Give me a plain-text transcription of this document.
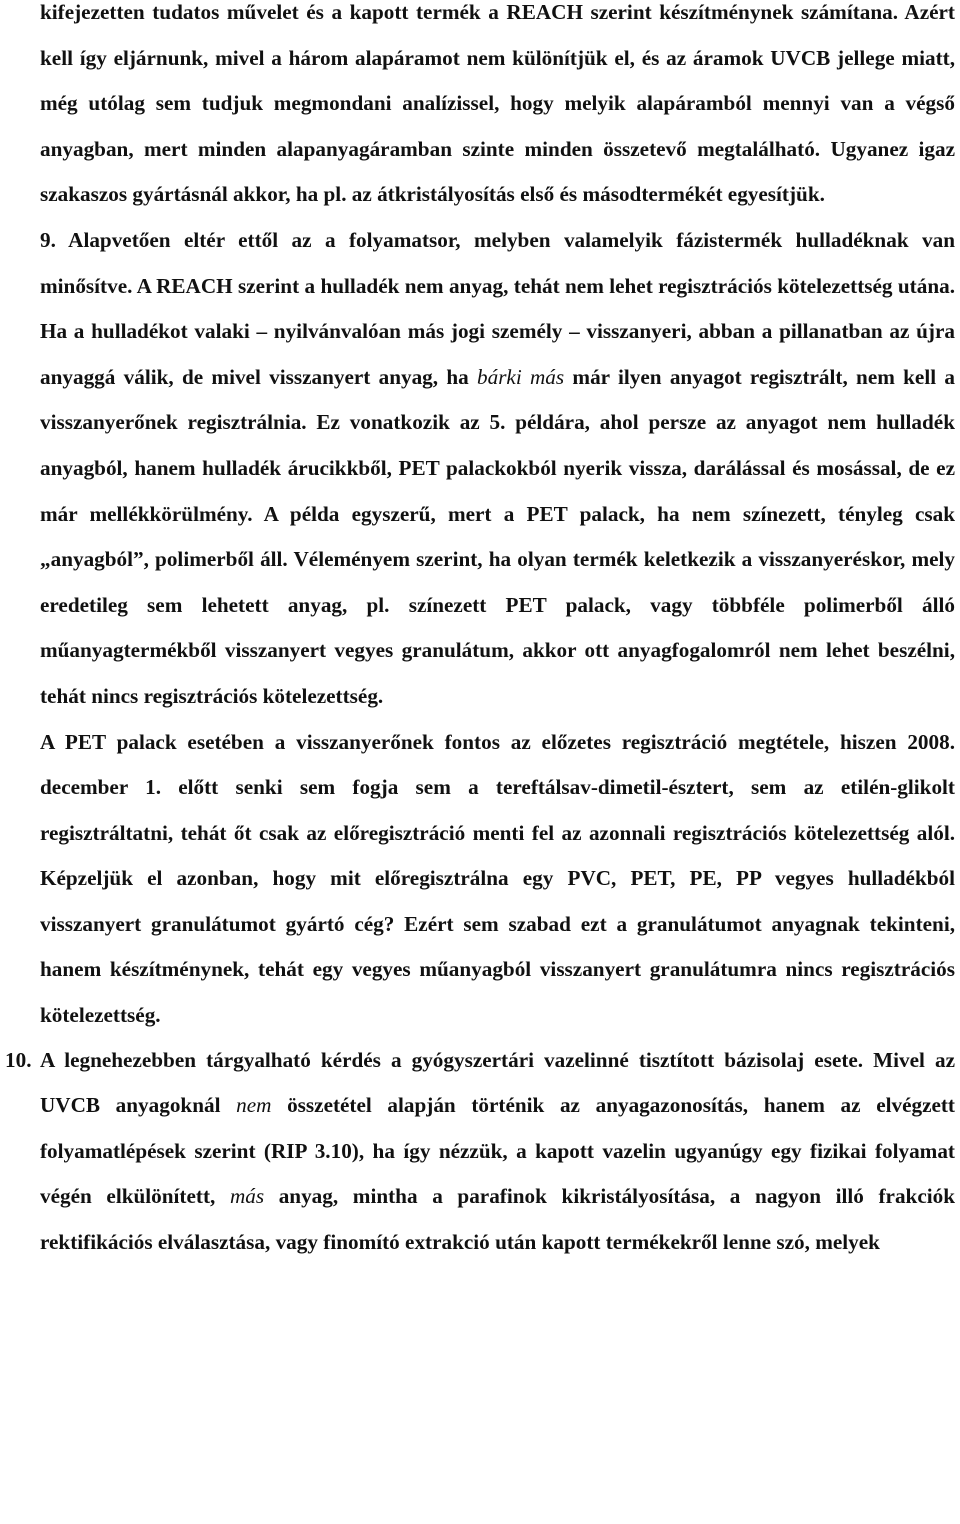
kifejezetten tudatos művelet és a kapott termék a REACH szerint készítménynek számítana. Azért kell így eljárnunk, mivel a három alapáramot nem különítjük el, és az áramok UVCB jellege miatt, még utólag sem tudjuk megmondani analízissel, hogy melyik alapáramból mennyi van a végső anyagban, mert minden alapanyagáramban szinte minden összetevő megtalálható. Ugyanez igaz szakaszos gyártásnál akkor, ha pl. az átkristályosítás első és másodtermékét egyesítjük.

9. Alapvetően eltér ettől az a folyamatsor, melyben valamelyik fázistermék hulladéknak van minősítve. A REACH szerint a hulladék nem anyag, tehát nem lehet regisztrációs kötelezettség utána. Ha a hulladékot valaki – nyilvánvalóan más jogi személy – visszanyeri, abban a pillanatban az újra anyaggá válik, de mivel visszanyert anyag, ha bárki más már ilyen anyagot regisztrált, nem kell a visszanyerőnek regisztrálnia. Ez vonatkozik az 5. példára, ahol persze az anyagot nem hulladék anyagból, hanem hulladék árucikkből, PET palackokból nyerik vissza, darálással és mosással, de ez már mellékkörülmény. A példa egyszerű, mert a PET palack, ha nem színezett, tényleg csak „anyagból”, polimerből áll. Véleményem szerint, ha olyan termék keletkezik a visszanyeréskor, mely eredetileg sem lehetett anyag, pl. színezett PET palack, vagy többféle polimerből álló műanyagtermékből visszanyert vegyes granulátum, akkor ott anyagfogalomról nem lehet beszélni, tehát nincs regisztrációs kötelezettség.

A PET palack esetében a visszanyerőnek fontos az előzetes regisztráció megtétele, hiszen 2008. december 1. előtt senki sem fogja sem a tereftálsav-dimetil-észtert, sem az etilén-glikolt regisztráltatni, tehát őt csak az előregisztráció menti fel az azonnali regisztrációs kötelezettség alól. Képzeljük el azonban, hogy mit előregisztrálna egy PVC, PET, PE, PP vegyes hulladékból visszanyert granulátumot gyártó cég? Ezért sem szabad ezt a granulátumot anyagnak tekinteni, hanem készítménynek, tehát egy vegyes műanyagból visszanyert granulátumra nincs regisztrációs kötelezettség.

10. A legnehezebben tárgyalható kérdés a gyógyszertári vazelinné tisztított bázisolaj esete. Mivel az UVCB anyagoknál nem összetétel alapján történik az anyagazonosítás, hanem az elvégzett folyamatlépések szerint (RIP 3.10), ha így nézzük, a kapott vazelin ugyanúgy egy fizikai folyamat végén elkülönített, más anyag, mintha a parafinok kikristályosítása, a nagyon illó frakciók rektifikációs elválasztása, vagy finomító extrakció után kapott termékekről lenne szó, melyek
